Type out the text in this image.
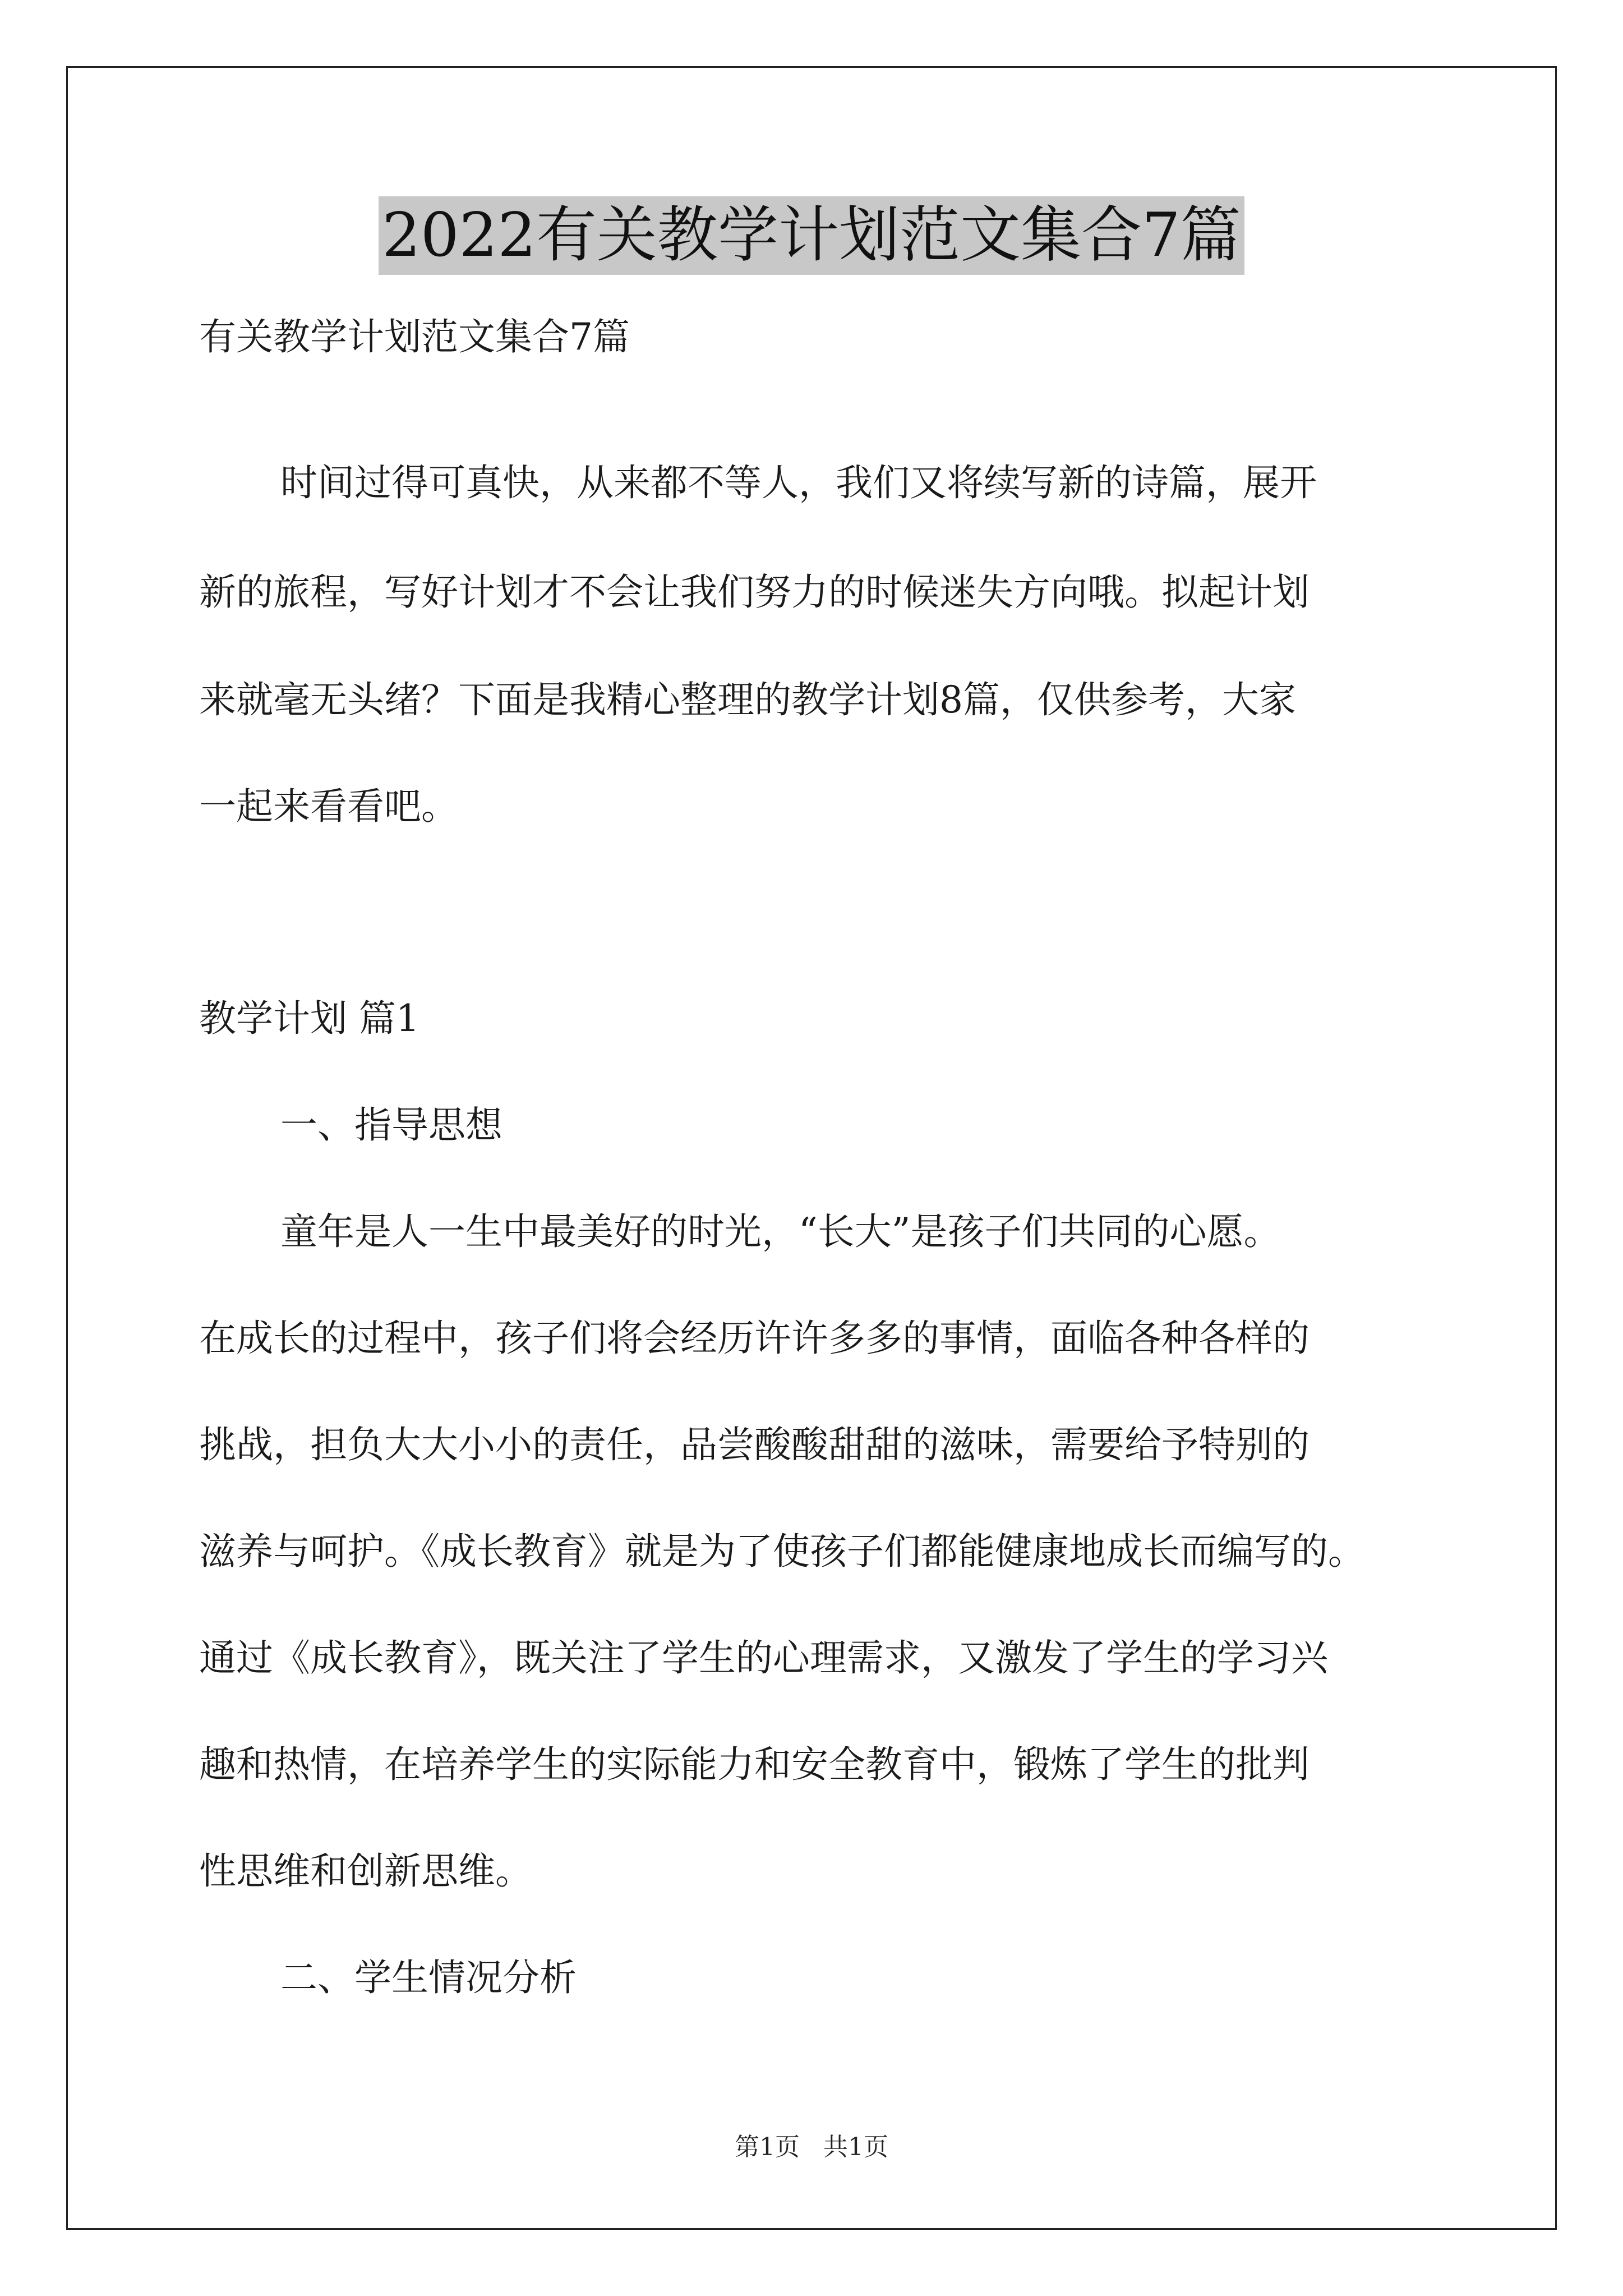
2022有关教学计划范文集合7篇
有关教学计划范文集合7篇
时间过得可真快，从来都不等人，我们又将续写新的诗篇，展开
新的旅程，写好计划才不会让我们努力的时候迷失方向哦。拟起计划
来就毫无头绪？下面是我精心整理的教学计划8篇，仅供参考，大家
一起来看看吧。
教学计划 篇1
一、指导思想
童年是人一生中最美好的时光，“长大”是孩子们共同的心愿。
在成长的过程中，孩子们将会经历许许多多的事情，面临各种各样的
挑战，担负大大小小的责任，品尝酸酸甜甜的滋味，需要给予特别的
滋养与呵护。《成长教育》就是为了使孩子们都能健康地成长而编写的。
通过《成长教育》，既关注了学生的心理需求，又激发了学生的学习兴
趣和热情，在培养学生的实际能力和安全教育中，锻炼了学生的批判
性思维和创新思维。
二、学生情况分析
第1页   共1页
